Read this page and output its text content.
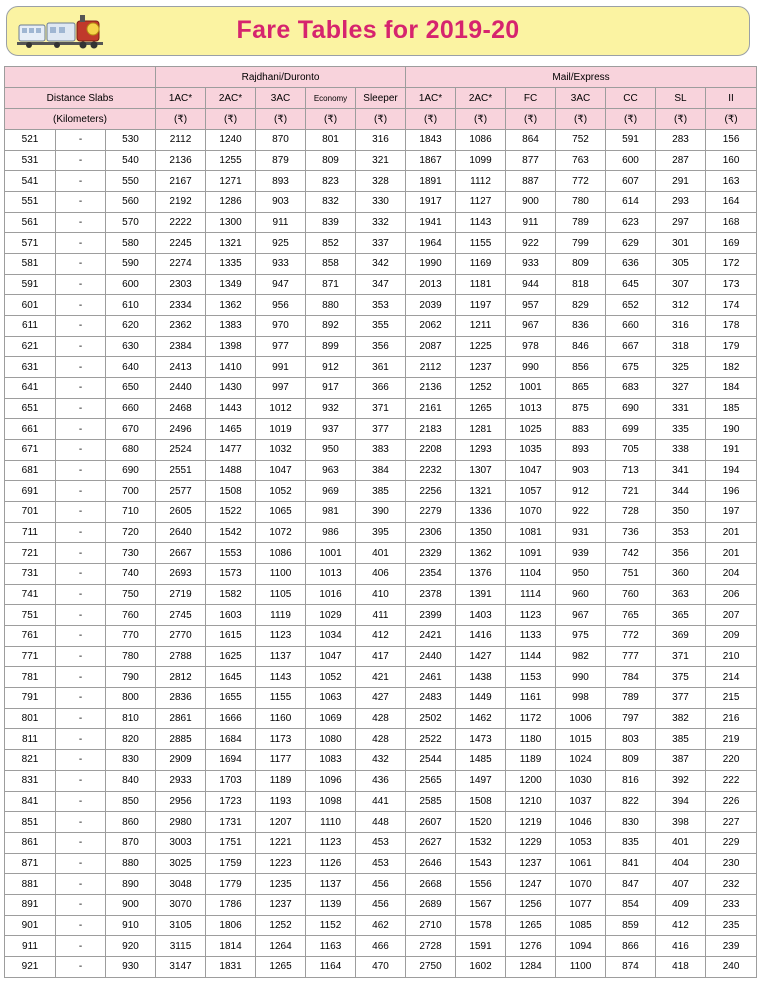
Fare Tables for 2019-20
			Rajdhani/Duronto					Mail/Express						
Distance Slabs			1AC*	2AC*	3AC	Economy	Sleeper	1AC*	2AC*	FC	3AC	CC	SL	II
(Kilometers)			(₹)	(₹)	(₹)	(₹)	(₹)	(₹)	(₹)	(₹)	(₹)	(₹)	(₹)	(₹)
521	-	530	2112	1240	870	801	316	1843	1086	864	752	591	283	156
531	-	540	2136	1255	879	809	321	1867	1099	877	763	600	287	160
541	-	550	2167	1271	893	823	328	1891	1112	887	772	607	291	163
551	-	560	2192	1286	903	832	330	1917	1127	900	780	614	293	164
561	-	570	2222	1300	911	839	332	1941	1143	911	789	623	297	168
571	-	580	2245	1321	925	852	337	1964	1155	922	799	629	301	169
581	-	590	2274	1335	933	858	342	1990	1169	933	809	636	305	172
591	-	600	2303	1349	947	871	347	2013	1181	944	818	645	307	173
601	-	610	2334	1362	956	880	353	2039	1197	957	829	652	312	174
611	-	620	2362	1383	970	892	355	2062	1211	967	836	660	316	178
621	-	630	2384	1398	977	899	356	2087	1225	978	846	667	318	179
631	-	640	2413	1410	991	912	361	2112	1237	990	856	675	325	182
641	-	650	2440	1430	997	917	366	2136	1252	1001	865	683	327	184
651	-	660	2468	1443	1012	932	371	2161	1265	1013	875	690	331	185
661	-	670	2496	1465	1019	937	377	2183	1281	1025	883	699	335	190
671	-	680	2524	1477	1032	950	383	2208	1293	1035	893	705	338	191
681	-	690	2551	1488	1047	963	384	2232	1307	1047	903	713	341	194
691	-	700	2577	1508	1052	969	385	2256	1321	1057	912	721	344	196
701	-	710	2605	1522	1065	981	390	2279	1336	1070	922	728	350	197
711	-	720	2640	1542	1072	986	395	2306	1350	1081	931	736	353	201
721	-	730	2667	1553	1086	1001	401	2329	1362	1091	939	742	356	201
731	-	740	2693	1573	1100	1013	406	2354	1376	1104	950	751	360	204
741	-	750	2719	1582	1105	1016	410	2378	1391	1114	960	760	363	206
751	-	760	2745	1603	1119	1029	411	2399	1403	1123	967	765	365	207
761	-	770	2770	1615	1123	1034	412	2421	1416	1133	975	772	369	209
771	-	780	2788	1625	1137	1047	417	2440	1427	1144	982	777	371	210
781	-	790	2812	1645	1143	1052	421	2461	1438	1153	990	784	375	214
791	-	800	2836	1655	1155	1063	427	2483	1449	1161	998	789	377	215
801	-	810	2861	1666	1160	1069	428	2502	1462	1172	1006	797	382	216
811	-	820	2885	1684	1173	1080	428	2522	1473	1180	1015	803	385	219
821	-	830	2909	1694	1177	1083	432	2544	1485	1189	1024	809	387	220
831	-	840	2933	1703	1189	1096	436	2565	1497	1200	1030	816	392	222
841	-	850	2956	1723	1193	1098	441	2585	1508	1210	1037	822	394	226
851	-	860	2980	1731	1207	1110	448	2607	1520	1219	1046	830	398	227
861	-	870	3003	1751	1221	1123	453	2627	1532	1229	1053	835	401	229
871	-	880	3025	1759	1223	1126	453	2646	1543	1237	1061	841	404	230
881	-	890	3048	1779	1235	1137	456	2668	1556	1247	1070	847	407	232
891	-	900	3070	1786	1237	1139	456	2689	1567	1256	1077	854	409	233
901	-	910	3105	1806	1252	1152	462	2710	1578	1265	1085	859	412	235
911	-	920	3115	1814	1264	1163	466	2728	1591	1276	1094	866	416	239
921	-	930	3147	1831	1265	1164	470	2750	1602	1284	1100	874	418	240
